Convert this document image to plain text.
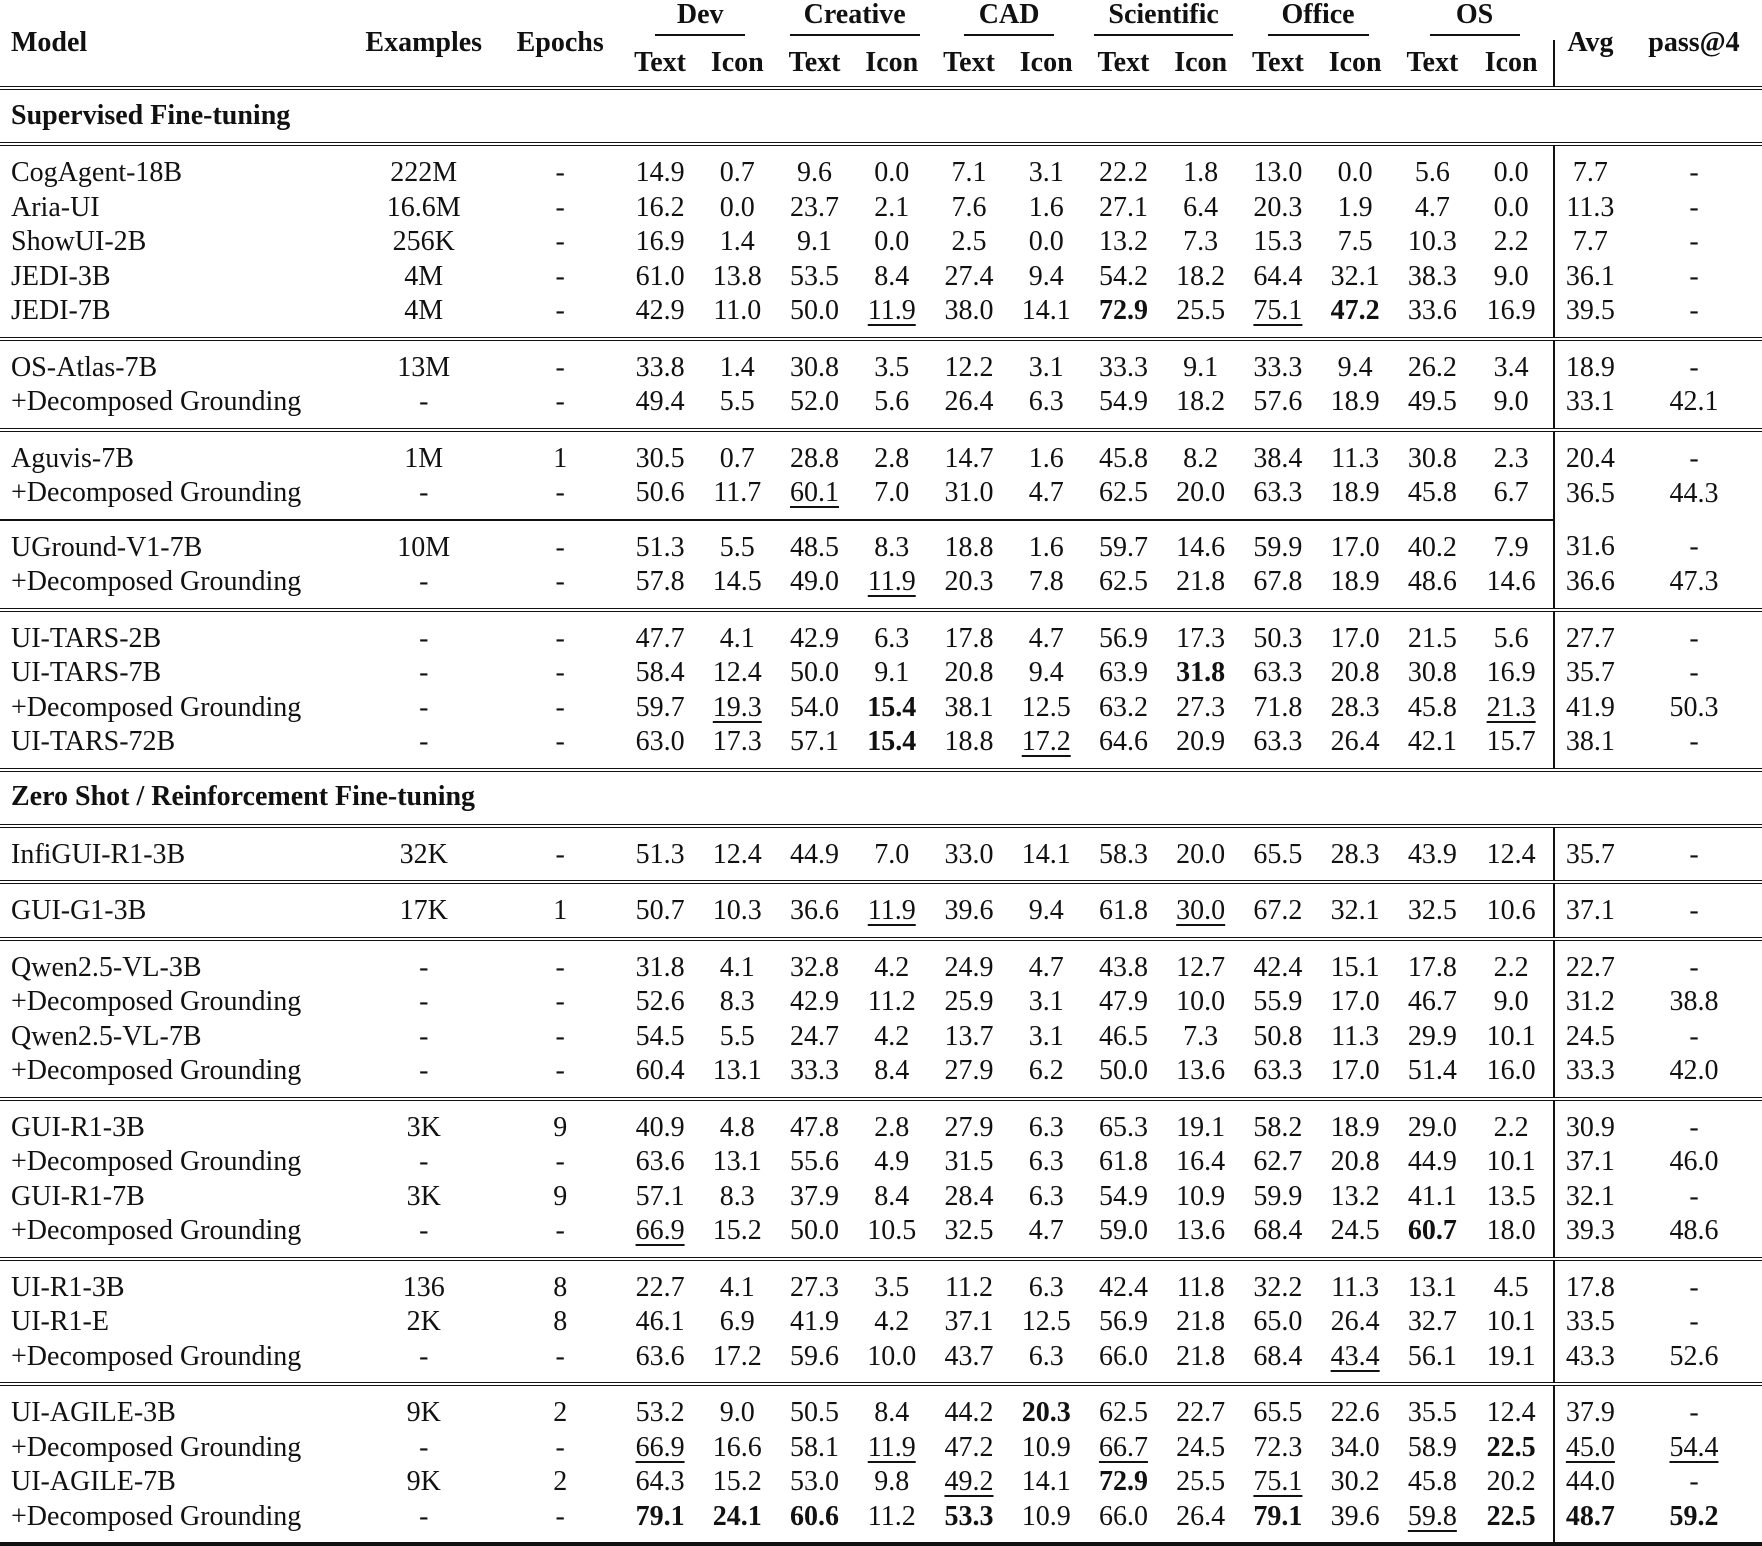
Model	Examples	Epochs	Dev		Creative		CAD		Scientific		Office		OS		Avg	pass@4
			Text	Icon	Text	Icon	Text	Icon	Text	Icon	Text	Icon	Text	Icon		
Supervised Fine-tuning																
CogAgent-18B	222M	-	14.9	0.7	9.6	0.0	7.1	3.1	22.2	1.8	13.0	0.0	5.6	0.0	7.7	-
Aria-UI	16.6M	-	16.2	0.0	23.7	2.1	7.6	1.6	27.1	6.4	20.3	1.9	4.7	0.0	11.3	-
ShowUI-2B	256K	-	16.9	1.4	9.1	0.0	2.5	0.0	13.2	7.3	15.3	7.5	10.3	2.2	7.7	-
JEDI-3B	4M	-	61.0	13.8	53.5	8.4	27.4	9.4	54.2	18.2	64.4	32.1	38.3	9.0	36.1	-
JEDI-7B	4M	-	42.9	11.0	50.0	11.9	38.0	14.1	72.9	25.5	75.1	47.2	33.6	16.9	39.5	-
OS-Atlas-7B	13M	-	33.8	1.4	30.8	3.5	12.2	3.1	33.3	9.1	33.3	9.4	26.2	3.4	18.9	-
+Decomposed Grounding	-	-	49.4	5.5	52.0	5.6	26.4	6.3	54.9	18.2	57.6	18.9	49.5	9.0	33.1	42.1
Aguvis-7B	1M	1	30.5	0.7	28.8	2.8	14.7	1.6	45.8	8.2	38.4	11.3	30.8	2.3	20.4	-
+Decomposed Grounding	-	-	50.6	11.7	60.1	7.0	31.0	4.7	62.5	20.0	63.3	18.9	45.8	6.7	36.5	44.3
UGround-V1-7B	10M	-	51.3	5.5	48.5	8.3	18.8	1.6	59.7	14.6	59.9	17.0	40.2	7.9	31.6	-
+Decomposed Grounding	-	-	57.8	14.5	49.0	11.9	20.3	7.8	62.5	21.8	67.8	18.9	48.6	14.6	36.6	47.3
UI-TARS-2B	-	-	47.7	4.1	42.9	6.3	17.8	4.7	56.9	17.3	50.3	17.0	21.5	5.6	27.7	-
UI-TARS-7B	-	-	58.4	12.4	50.0	9.1	20.8	9.4	63.9	31.8	63.3	20.8	30.8	16.9	35.7	-
+Decomposed Grounding	-	-	59.7	19.3	54.0	15.4	38.1	12.5	63.2	27.3	71.8	28.3	45.8	21.3	41.9	50.3
UI-TARS-72B	-	-	63.0	17.3	57.1	15.4	18.8	17.2	64.6	20.9	63.3	26.4	42.1	15.7	38.1	-
Zero Shot / Reinforcement Fine-tuning																
InfiGUI-R1-3B	32K	-	51.3	12.4	44.9	7.0	33.0	14.1	58.3	20.0	65.5	28.3	43.9	12.4	35.7	-
GUI-G1-3B	17K	1	50.7	10.3	36.6	11.9	39.6	9.4	61.8	30.0	67.2	32.1	32.5	10.6	37.1	-
Qwen2.5-VL-3B	-	-	31.8	4.1	32.8	4.2	24.9	4.7	43.8	12.7	42.4	15.1	17.8	2.2	22.7	-
+Decomposed Grounding	-	-	52.6	8.3	42.9	11.2	25.9	3.1	47.9	10.0	55.9	17.0	46.7	9.0	31.2	38.8
Qwen2.5-VL-7B	-	-	54.5	5.5	24.7	4.2	13.7	3.1	46.5	7.3	50.8	11.3	29.9	10.1	24.5	-
+Decomposed Grounding	-	-	60.4	13.1	33.3	8.4	27.9	6.2	50.0	13.6	63.3	17.0	51.4	16.0	33.3	42.0
GUI-R1-3B	3K	9	40.9	4.8	47.8	2.8	27.9	6.3	65.3	19.1	58.2	18.9	29.0	2.2	30.9	-
+Decomposed Grounding	-	-	63.6	13.1	55.6	4.9	31.5	6.3	61.8	16.4	62.7	20.8	44.9	10.1	37.1	46.0
GUI-R1-7B	3K	9	57.1	8.3	37.9	8.4	28.4	6.3	54.9	10.9	59.9	13.2	41.1	13.5	32.1	-
+Decomposed Grounding	-	-	66.9	15.2	50.0	10.5	32.5	4.7	59.0	13.6	68.4	24.5	60.7	18.0	39.3	48.6
UI-R1-3B	136	8	22.7	4.1	27.3	3.5	11.2	6.3	42.4	11.8	32.2	11.3	13.1	4.5	17.8	-
UI-R1-E	2K	8	46.1	6.9	41.9	4.2	37.1	12.5	56.9	21.8	65.0	26.4	32.7	10.1	33.5	-
+Decomposed Grounding	-	-	63.6	17.2	59.6	10.0	43.7	6.3	66.0	21.8	68.4	43.4	56.1	19.1	43.3	52.6
UI-AGILE-3B	9K	2	53.2	9.0	50.5	8.4	44.2	20.3	62.5	22.7	65.5	22.6	35.5	12.4	37.9	-
+Decomposed Grounding	-	-	66.9	16.6	58.1	11.9	47.2	10.9	66.7	24.5	72.3	34.0	58.9	22.5	45.0	54.4
UI-AGILE-7B	9K	2	64.3	15.2	53.0	9.8	49.2	14.1	72.9	25.5	75.1	30.2	45.8	20.2	44.0	-
+Decomposed Grounding	-	-	79.1	24.1	60.6	11.2	53.3	10.9	66.0	26.4	79.1	39.6	59.8	22.5	48.7	59.2
